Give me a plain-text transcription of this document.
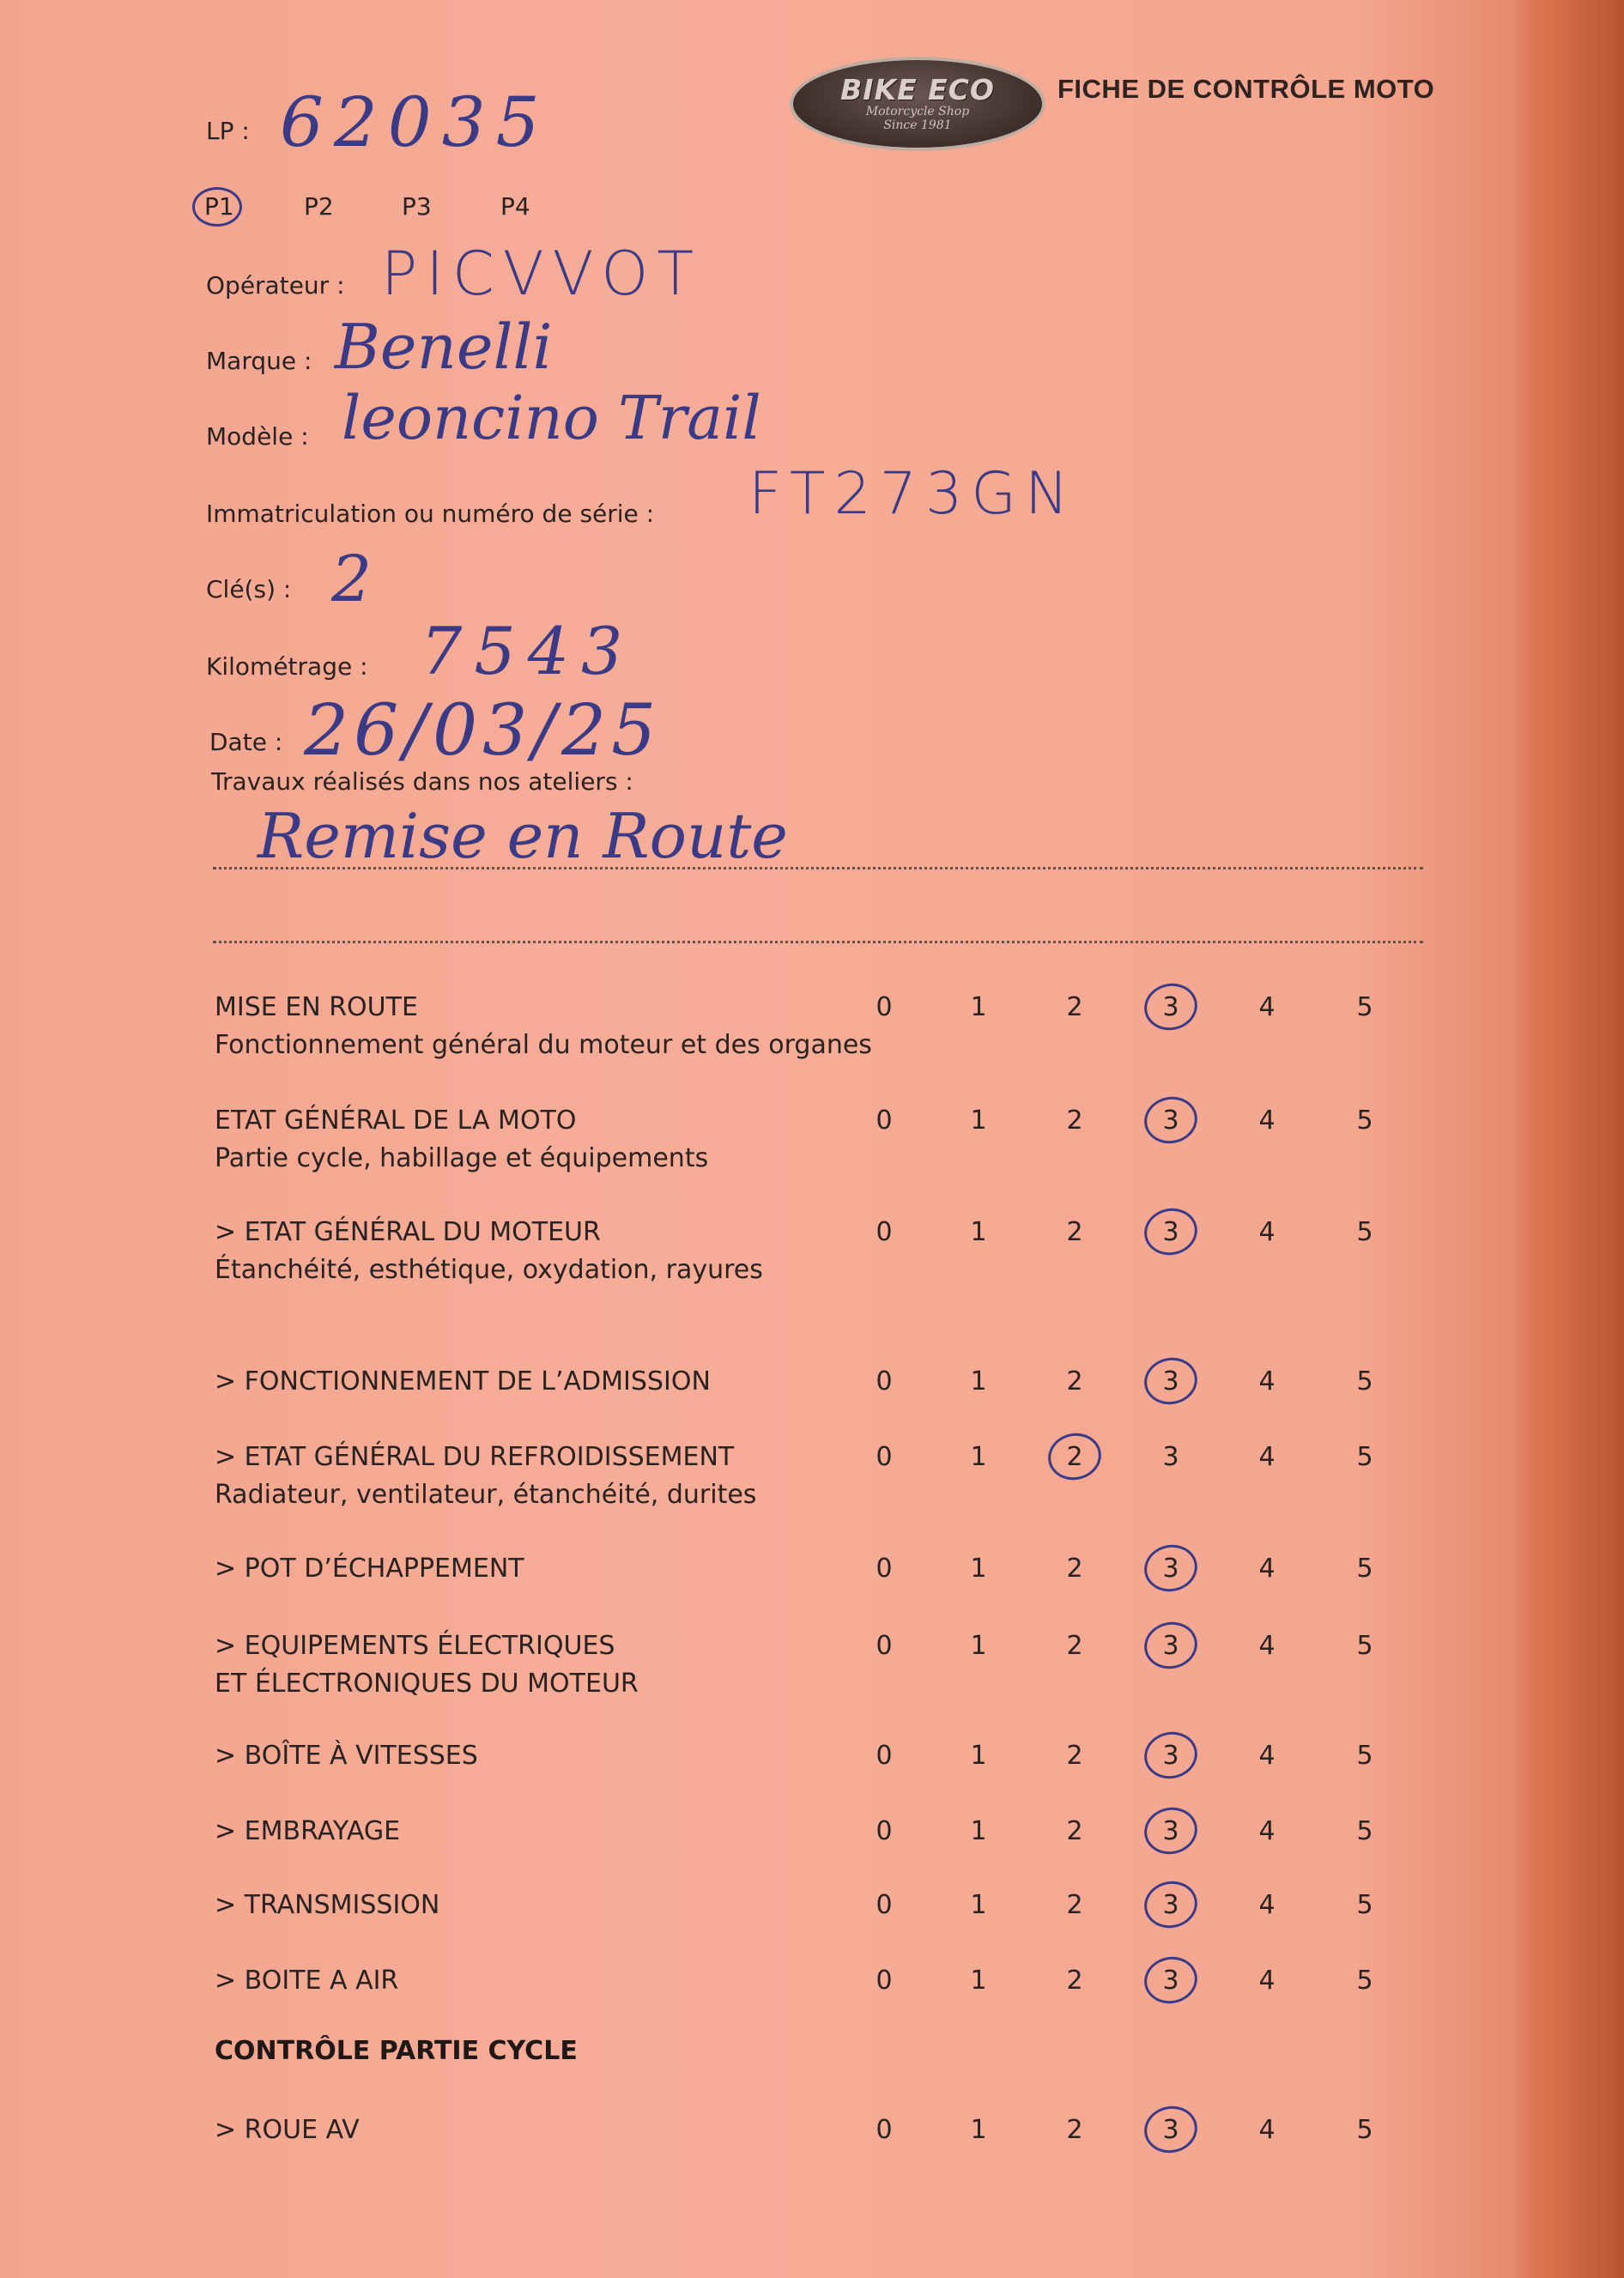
BIKE ECO
Motorcycle Shop
Since 1981
FICHE DE CONTRÔLE MOTO
LP : 62035
P1	P2	P3	P4
Opérateur : PICVVOT
Marque : Benelli
Modèle : leoncino Trail
Immatriculation ou numéro de série : FT273GN
Clé(s) : 2
Kilométrage : 7543
Date : 26/03/25
Travaux réalisés dans nos ateliers :
Remise en Route
MISE EN ROUTE
Fonctionnement général du moteur et des organes
0	1	2	3	4	5
ETAT GÉNÉRAL DE LA MOTO
Partie cycle, habillage et équipements
0	1	2	3	4	5
> ETAT GÉNÉRAL DU MOTEUR
Étanchéité, esthétique, oxydation, rayures
0	1	2	3	4	5
> FONCTIONNEMENT DE L’ADMISSION	0	1	2	3	4	5
> ETAT GÉNÉRAL DU REFROIDISSEMENT
Radiateur, ventilateur, étanchéité, durites
0	1	2	3	4	5
> POT D’ÉCHAPPEMENT	0	1	2	3	4	5
> EQUIPEMENTS ÉLECTRIQUES
ET ÉLECTRONIQUES DU MOTEUR
0	1	2	3	4	5
> BOÎTE À VITESSES	0	1	2	3	4	5
> EMBRAYAGE	0	1	2	3	4	5
> TRANSMISSION	0	1	2	3	4	5
> BOITE A AIR	0	1	2	3	4	5
CONTRÔLE PARTIE CYCLE
> ROUE AV	0	1	2	3	4	5
